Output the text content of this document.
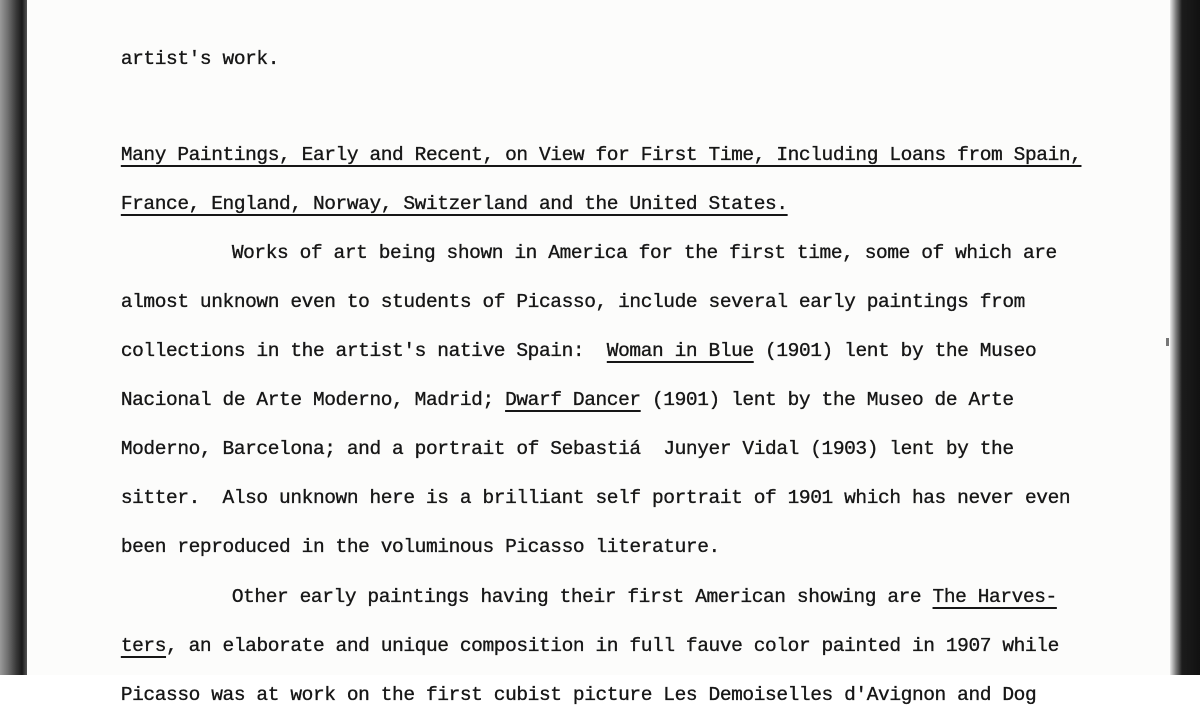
artist's work.

Many Paintings, Early and Recent, on View for First Time, Including Loans from Spain,

France, England, Norway, Switzerland and the United States.

Works of art being shown in America for the first time, some of which are

almost unknown even to students of Picasso, include several early paintings from

collections in the artist's native Spain:  Woman in Blue (1901) lent by the Museo

Nacional de Arte Moderno, Madrid; Dwarf Dancer (1901) lent by the Museo de Arte

Moderno, Barcelona; and a portrait of Sebastiá  Junyer Vidal (1903) lent by the

sitter.  Also unknown here is a brilliant self portrait of 1901 which has never even

been reproduced in the voluminous Picasso literature.

Other early paintings having their first American showing are The Harves-

ters, an elaborate and unique composition in full fauve color painted in 1907 while

Picasso was at work on the first cubist picture Les Demoiselles d'Avignon and Dog
